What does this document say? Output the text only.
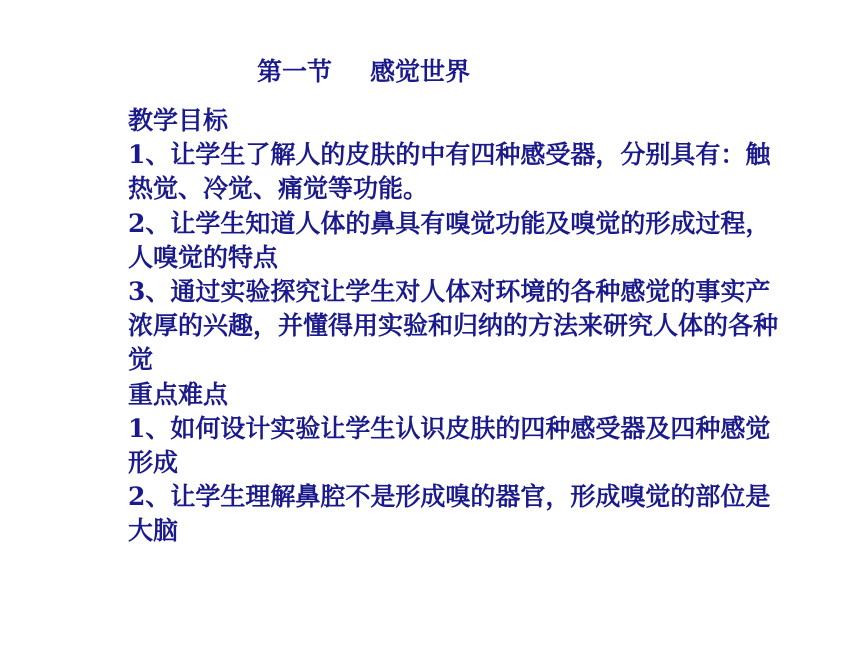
第一节 感觉世界
教学目标
1、让学生了解人的皮肤的中有四种感受器，分别具有：触
热觉、冷觉、痛觉等功能。
2、让学生知道人体的鼻具有嗅觉功能及嗅觉的形成过程，
人嗅觉的特点
3、通过实验探究让学生对人体对环境的各种感觉的事实产
浓厚的兴趣，并懂得用实验和归纳的方法来研究人体的各种
觉
重点难点
1、如何设计实验让学生认识皮肤的四种感受器及四种感觉
形成
2、让学生理解鼻腔不是形成嗅的器官，形成嗅觉的部位是
大脑
